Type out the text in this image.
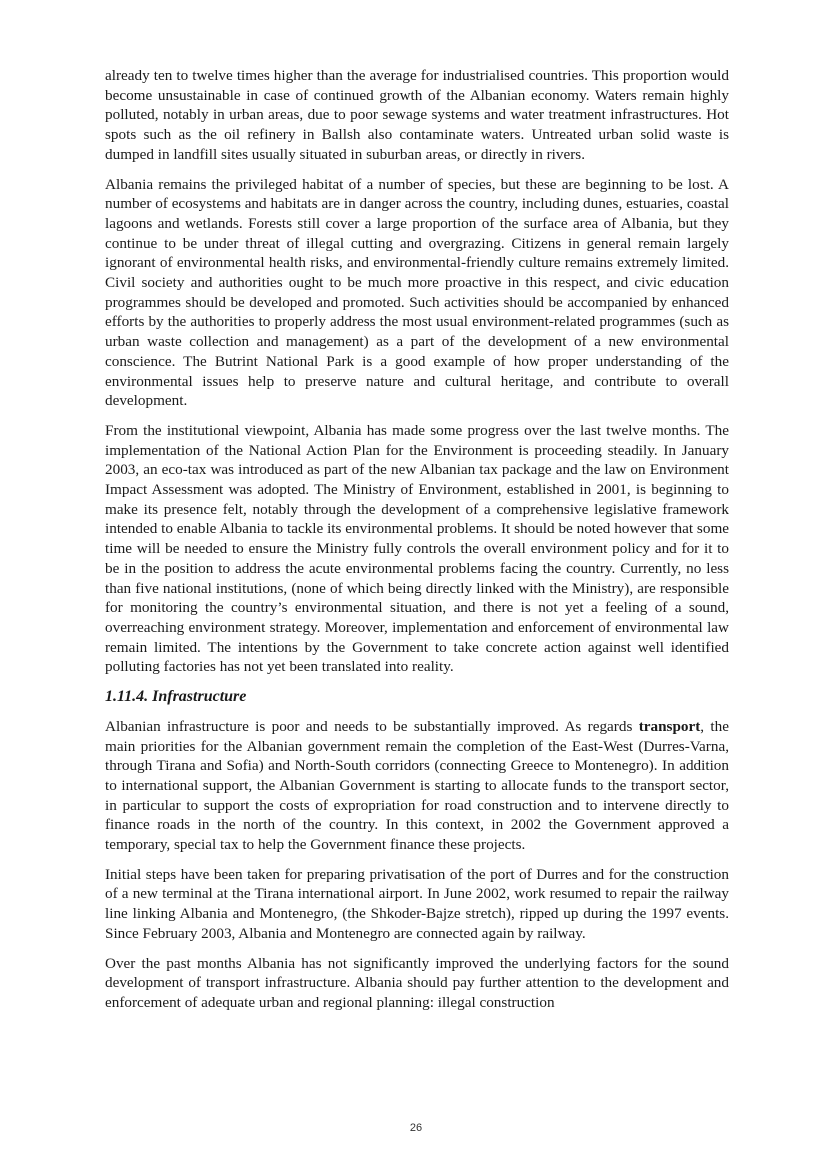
already ten to twelve times higher than the average for industrialised countries. This proportion would become unsustainable in case of continued growth of the Albanian economy. Waters remain highly polluted, notably in urban areas, due to poor sewage systems and water treatment infrastructures. Hot spots such as the oil refinery in Ballsh also contaminate waters. Untreated urban solid waste is dumped in landfill sites usually situated in suburban areas, or directly in rivers.

Albania remains the privileged habitat of a number of species, but these are beginning to be lost. A number of ecosystems and habitats are in danger across the country, including dunes, estuaries, coastal lagoons and wetlands. Forests still cover a large proportion of the surface area of Albania, but they continue to be under threat of illegal cutting and overgrazing. Citizens in general remain largely ignorant of environmental health risks, and environmental-friendly culture remains extremely limited. Civil society and authorities ought to be much more proactive in this respect, and civic education programmes should be developed and promoted. Such activities should be accompanied by enhanced efforts by the authorities to properly address the most usual environment-related programmes (such as urban waste collection and management) as a part of the development of a new environmental conscience. The Butrint National Park is a good example of how proper understanding of the environmental issues help to preserve nature and cultural heritage, and contribute to overall development.

From the institutional viewpoint, Albania has made some progress over the last twelve months. The implementation of the National Action Plan for the Environment is proceeding steadily. In January 2003, an eco-tax was introduced as part of the new Albanian tax package and the law on Environment Impact Assessment was adopted. The Ministry of Environment, established in 2001, is beginning to make its presence felt, notably through the development of a comprehensive legislative framework intended to enable Albania to tackle its environmental problems. It should be noted however that some time will be needed to ensure the Ministry fully controls the overall environment policy and for it to be in the position to address the acute environmental problems facing the country. Currently, no less than five national institutions, (none of which being directly linked with the Ministry), are responsible for monitoring the country’s environmental situation, and there is not yet a feeling of a sound, overreaching environment strategy. Moreover, implementation and enforcement of environmental law remain limited. The intentions by the Government to take concrete action against well identified polluting factories has not yet been translated into reality.

1.11.4. Infrastructure

Albanian infrastructure is poor and needs to be substantially improved. As regards transport, the main priorities for the Albanian government remain the completion of the East-West (Durres-Varna, through Tirana and Sofia) and North-South corridors (connecting Greece to Montenegro). In addition to international support, the Albanian Government is starting to allocate funds to the transport sector, in particular to support the costs of expropriation for road construction and to intervene directly to finance roads in the north of the country. In this context, in 2002 the Government approved a temporary, special tax to help the Government finance these projects.

Initial steps have been taken for preparing privatisation of the port of Durres and for the construction of a new terminal at the Tirana international airport. In June 2002, work resumed to repair the railway line linking Albania and Montenegro, (the Shkoder-Bajze stretch), ripped up during the 1997 events. Since February 2003, Albania and Montenegro are connected again by railway.

Over the past months Albania has not significantly improved the underlying factors for the sound development of transport infrastructure. Albania should pay further attention to the development and enforcement of adequate urban and regional planning: illegal construction

26
